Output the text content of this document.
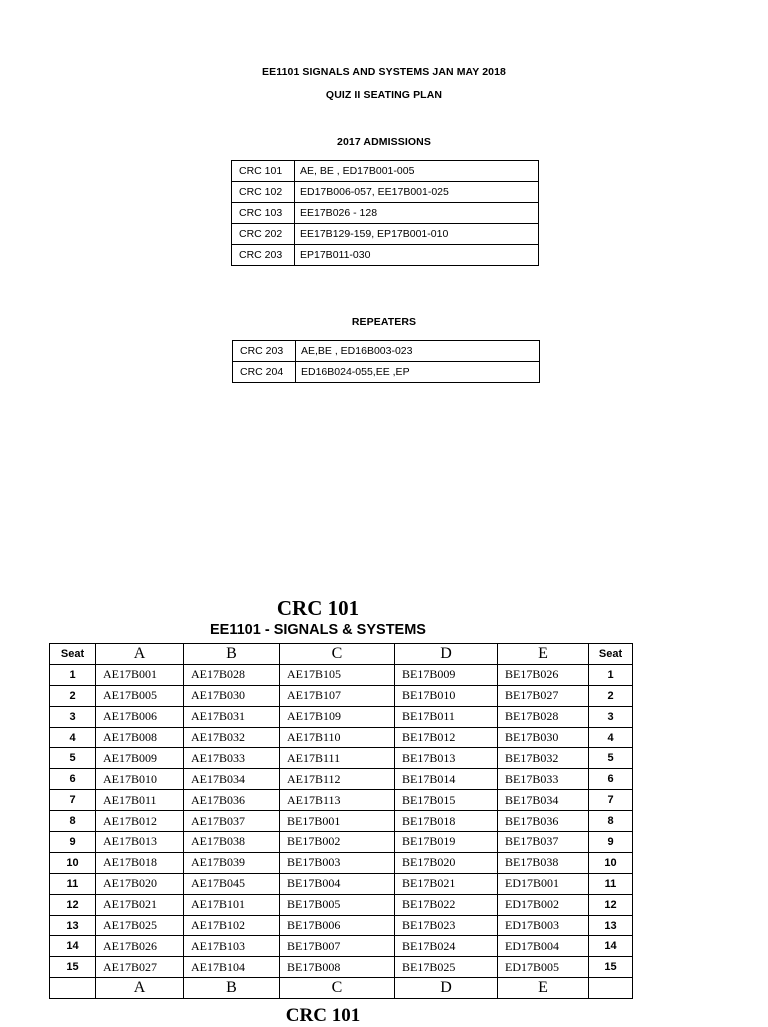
EE1101 SIGNALS AND SYSTEMS JAN MAY 2018
QUIZ II SEATING PLAN
2017 ADMISSIONS
CRC 101	AE, BE , ED17B001-005
CRC 102	ED17B006-057, EE17B001-025
CRC 103	EE17B026 - 128
CRC 202	EE17B129-159, EP17B001-010
CRC 203	EP17B011-030
REPEATERS
CRC 203	AE,BE , ED16B003-023
CRC 204	ED16B024-055,EE ,EP
CRC 101
EE1101 - SIGNALS & SYSTEMS
Seat	A	B	C	D	E	Seat
1	AE17B001	AE17B028	AE17B105	BE17B009	BE17B026	1
2	AE17B005	AE17B030	AE17B107	BE17B010	BE17B027	2
3	AE17B006	AE17B031	AE17B109	BE17B011	BE17B028	3
4	AE17B008	AE17B032	AE17B110	BE17B012	BE17B030	4
5	AE17B009	AE17B033	AE17B111	BE17B013	BE17B032	5
6	AE17B010	AE17B034	AE17B112	BE17B014	BE17B033	6
7	AE17B011	AE17B036	AE17B113	BE17B015	BE17B034	7
8	AE17B012	AE17B037	BE17B001	BE17B018	BE17B036	8
9	AE17B013	AE17B038	BE17B002	BE17B019	BE17B037	9
10	AE17B018	AE17B039	BE17B003	BE17B020	BE17B038	10
11	AE17B020	AE17B045	BE17B004	BE17B021	ED17B001	11
12	AE17B021	AE17B101	BE17B005	BE17B022	ED17B002	12
13	AE17B025	AE17B102	BE17B006	BE17B023	ED17B003	13
14	AE17B026	AE17B103	BE17B007	BE17B024	ED17B004	14
15	AE17B027	AE17B104	BE17B008	BE17B025	ED17B005	15
	A	B	C	D	E	
CRC 101
